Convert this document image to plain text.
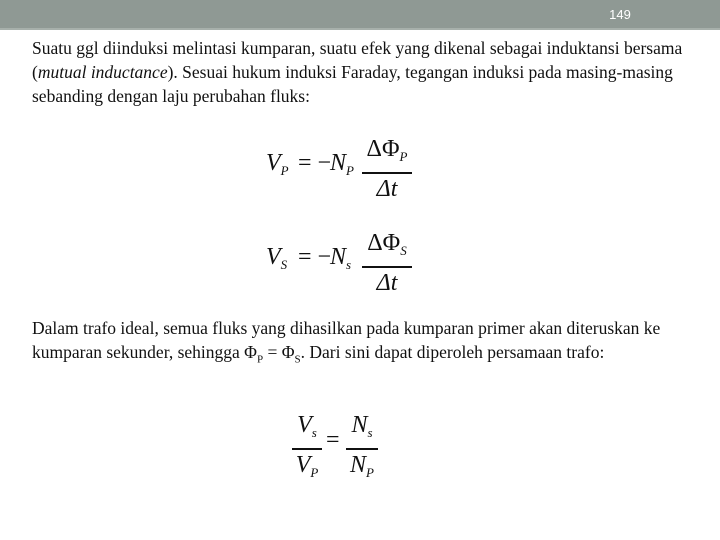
149

Suatu ggl diinduksi melintasi kumparan, suatu efek yang dikenal sebagai induktansi bersama (mutual inductance). Sesuai hukum induksi Faraday, tegangan induksi pada masing-masing sebanding dengan laju perubahan fluks:

$V_P$ = −
$N_P$
$\Delta\Phi_P$
Δt
$V_S$ = −
$N_s$
$\Delta\Phi_S$
Δt

Dalam trafo ideal, semua fluks yang dihasilkan pada kumparan primer akan diteruskan ke kumparan sekunder, sehingga $\Phi_P = \Phi_S$. Dari sini dapat diperoleh persamaan trafo:

$V_s$
$V_P$
=
$N_s$
$N_P$
